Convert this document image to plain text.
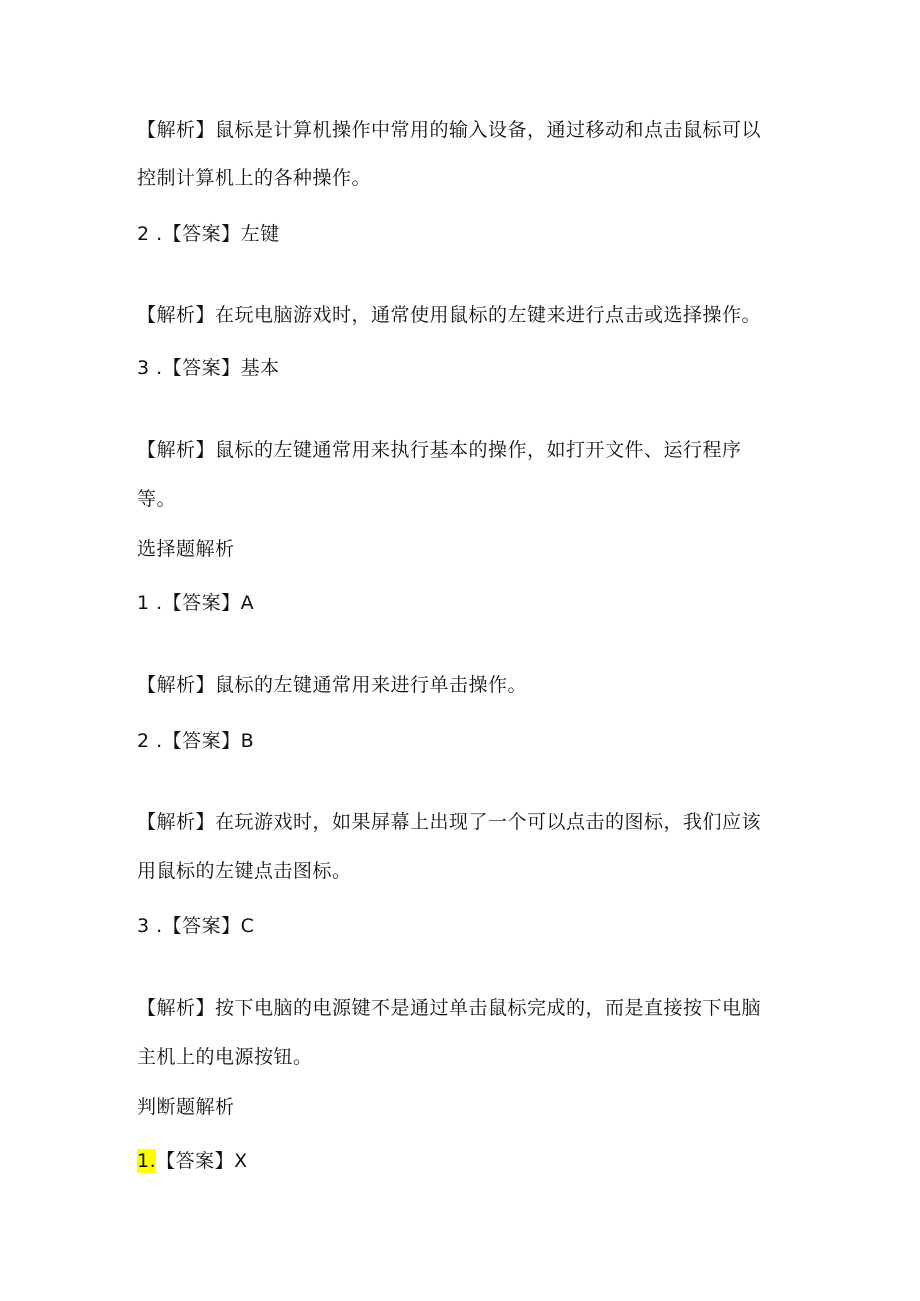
【解析】鼠标是计算机操作中常用的输入设备，通过移动和点击鼠标可以
控制计算机上的各种操作。
2 .【答案】左键
【解析】在玩电脑游戏时，通常使用鼠标的左键来进行点击或选择操作。
3 .【答案】基本
【解析】鼠标的左键通常用来执行基本的操作，如打开文件、运行程序
等。
选择题解析
1 .【答案】A
【解析】鼠标的左键通常用来进行单击操作。
2 .【答案】B
【解析】在玩游戏时，如果屏幕上出现了一个可以点击的图标，我们应该
用鼠标的左键点击图标。
3 .【答案】C
【解析】按下电脑的电源键不是通过单击鼠标完成的，而是直接按下电脑
主机上的电源按钮。
判断题解析
1.【答案】X
